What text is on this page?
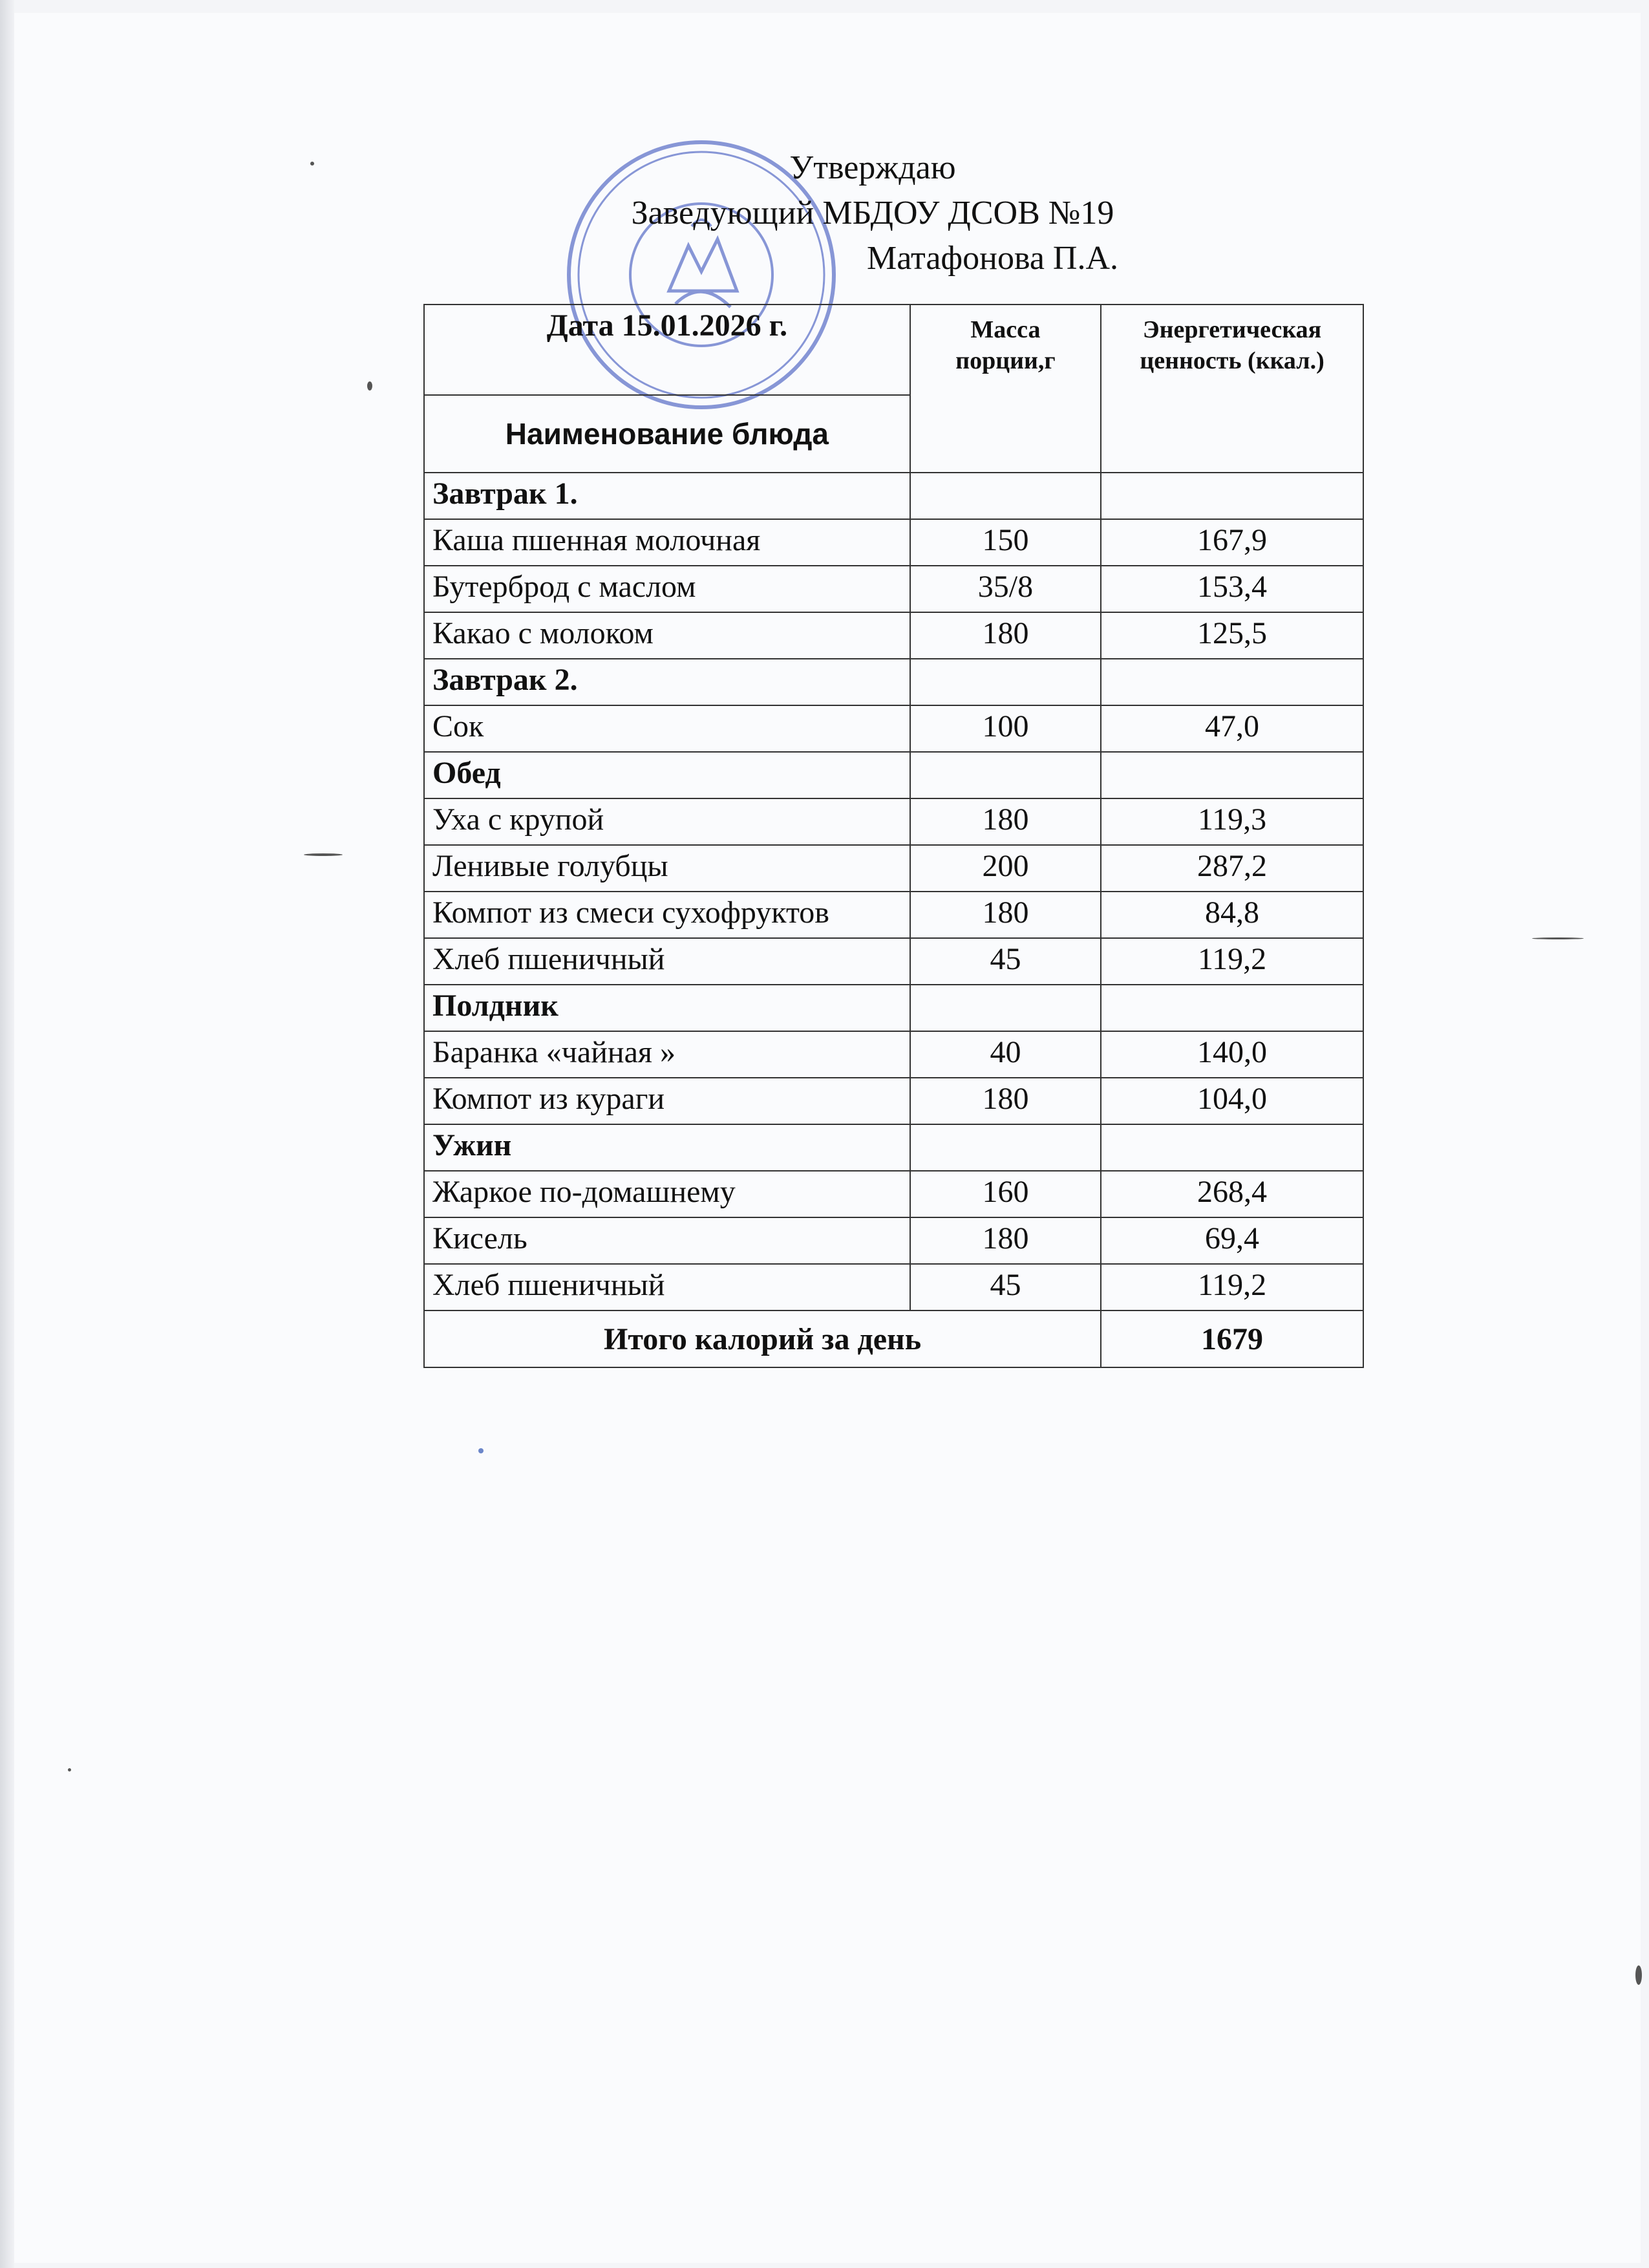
Утверждаю
Заведующий МБДОУ ДСОВ №19
Матафонова П.А.
Дата 15.01.2026 г.	Масса порции,г	Энергетическая ценность (ккал.)
Наименование блюда		
Завтрак 1.		
Каша пшенная молочная	150	167,9
Бутерброд с маслом	35/8	153,4
Какао с молоком	180	125,5
Завтрак 2.		
Сок	100	47,0
Обед		
Уха с крупой	180	119,3
Ленивые голубцы	200	287,2
Компот из смеси сухофруктов	180	84,8
Хлеб пшеничный	45	119,2
Полдник		
Баранка «чайная »	40	140,0
Компот из кураги	180	104,0
Ужин		
Жаркое по-домашнему	160	268,4
Кисель	180	69,4
Хлеб пшеничный	45	119,2
Итого калорий за день		1679
